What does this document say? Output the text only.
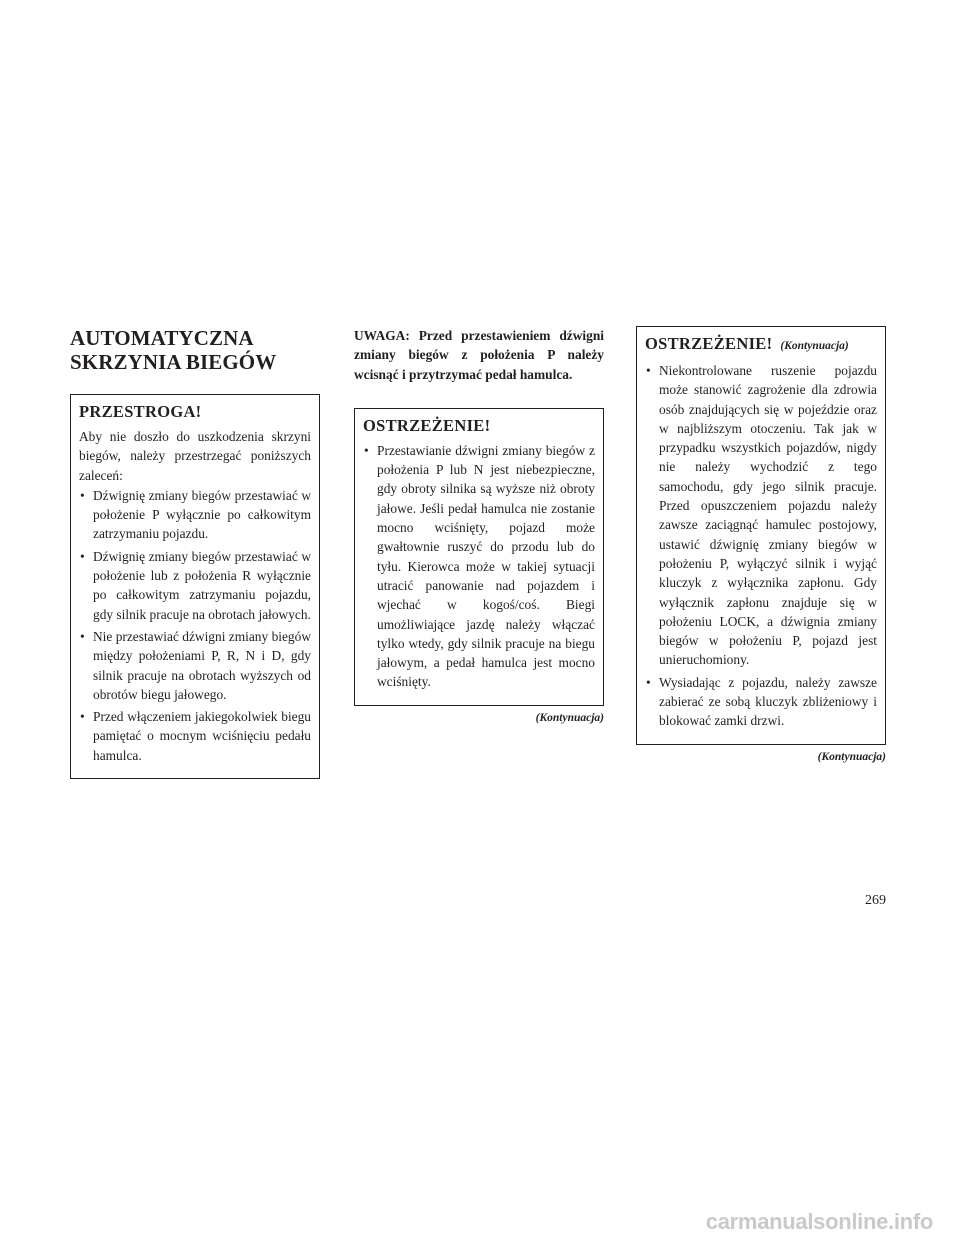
AUTOMATYCZNA
SKRZYNIA BIEGÓW
PRZESTROGA!

Aby nie doszło do uszkodzenia skrzyni biegów, należy przestrzegać poniższych zaleceń:

• Dźwignię zmiany biegów przestawiać w położenie P wyłącznie po całkowitym zatrzymaniu pojazdu.
• Dźwignię zmiany biegów przestawiać w położenie lub z położenia R wyłącznie po całkowitym zatrzymaniu pojazdu, gdy silnik pracuje na obrotach jałowych.
• Nie przestawiać dźwigni zmiany biegów między położeniami P, R, N i D, gdy silnik pracuje na obrotach wyższych od obrotów biegu jałowego.
• Przed włączeniem jakiegokolwiek biegu pamiętać o mocnym wciśnięciu pedału hamulca.

UWAGA: Przed przestawieniem dźwigni zmiany biegów z położenia P należy wcisnąć i przytrzymać pedał hamulca.

OSTRZEŻENIE!
• Przestawianie dźwigni zmiany biegów z położenia P lub N jest niebezpieczne, gdy obroty silnika są wyższe niż obroty jałowe. Jeśli pedał hamulca nie zostanie mocno wciśnięty, pojazd może gwałtownie ruszyć do przodu lub do tyłu. Kierowca może w takiej sytuacji utracić panowanie nad pojazdem i wjechać w kogoś/coś. Biegi umożliwiające jazdę należy włączać tylko wtedy, gdy silnik pracuje na biegu jałowym, a pedał hamulca jest mocno wciśnięty.
(Kontynuacja)
OSTRZEŻENIE! (Kontynuacja)
• Niekontrolowane ruszenie pojazdu może stanowić zagrożenie dla zdrowia osób znajdujących się w pojeździe oraz w najbliższym otoczeniu. Tak jak w przypadku wszystkich pojazdów, nigdy nie należy wychodzić z tego samochodu, gdy jego silnik pracuje. Przed opuszczeniem pojazdu należy zawsze zaciągnąć hamulec postojowy, ustawić dźwignię zmiany biegów w położeniu P, wyłączyć silnik i wyjąć kluczyk z wyłącznika zapłonu. Gdy wyłącznik zapłonu znajduje się w położeniu LOCK, a dźwignia zmiany biegów w położeniu P, pojazd jest unieruchomiony.
• Wysiadając z pojazdu, należy zawsze zabierać ze sobą kluczyk zbliżeniowy i blokować zamki drzwi.
(Kontynuacja)
269
carmanualsonline.info
